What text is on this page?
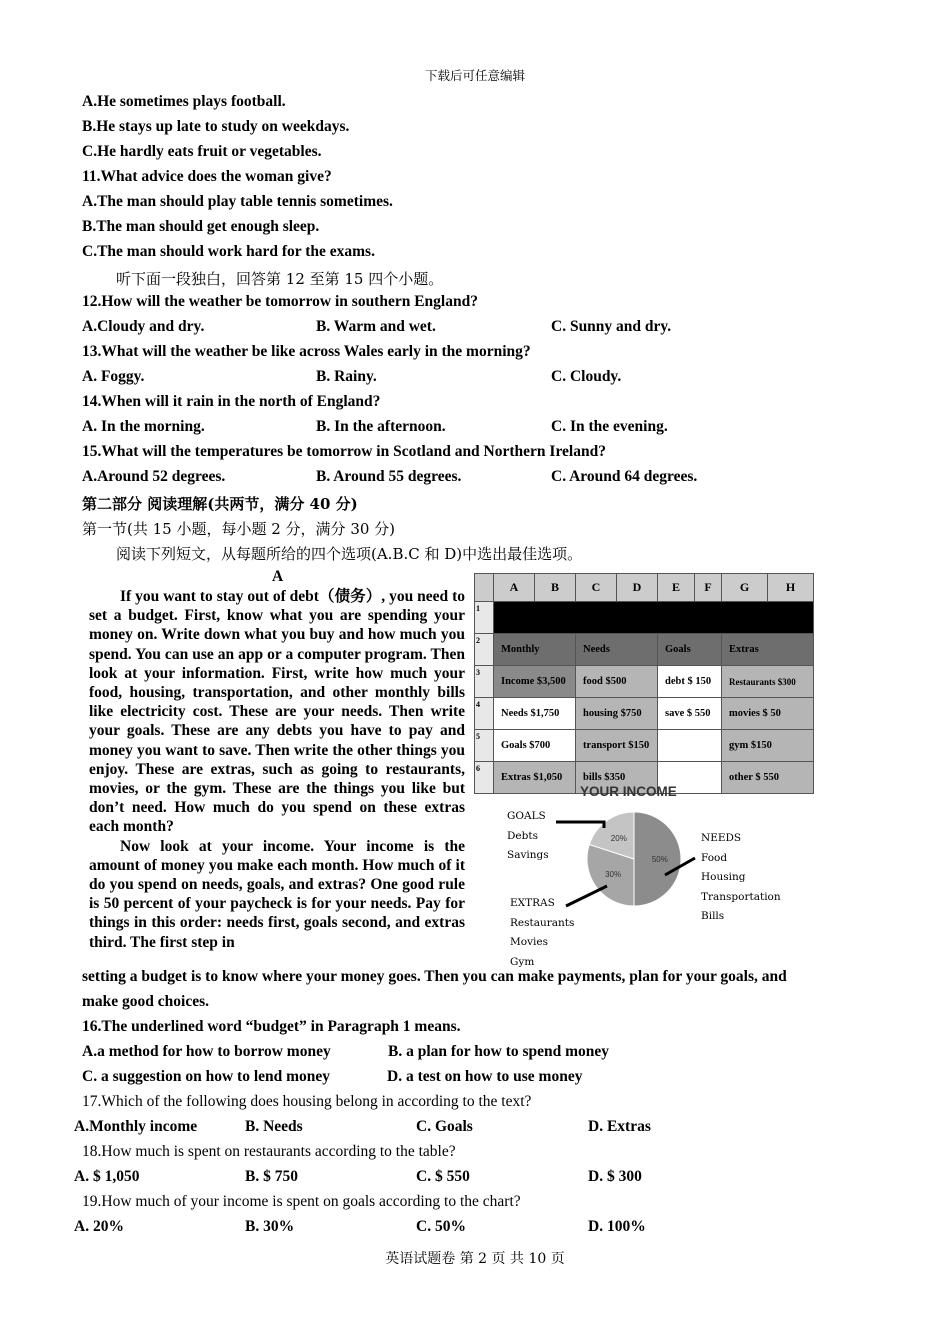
下载后可任意编辑
A.He sometimes plays football.
B.He stays up late to study on weekdays.
C.He hardly eats fruit or vegetables.
11.What advice does the woman give?
A.The man should play table tennis sometimes.
B.The man should get enough sleep.
C.The man should work hard for the exams.
听下面一段独白，回答第 12 至第 15 四个小题。
12.How will the weather be tomorrow in southern England?
A.Cloudy and dry.	B. Warm and wet.	C. Sunny and dry.
13.What will the weather be like across Wales early in the morning?
A. Foggy.	B. Rainy.	C. Cloudy.
14.When will it rain in the north of England?
A. In the morning.	B. In the afternoon.	C. In the evening.
15.What will the temperatures be tomorrow in Scotland and Northern Ireland?
A.Around 52 degrees.	B. Around 55 degrees.	C. Around 64 degrees.
第二部分 阅读理解(共两节，满分 40 分)
第一节(共 15 小题，每小题 2 分，满分 30 分)
阅读下列短文，从每题所给的四个选项(A.B.C 和 D)中选出最佳选项。
A

If you want to stay out of debt（债务）, you need to set a budget. First, know what you are spending your money on. Write down what you buy and how much you spend. You can use an app or a computer program. Then look at your information. First, write how much your food, housing, transportation, and other monthly bills like electricity cost. These are your needs. Then write your goals. These are any debts you have to pay and money you want to save. Then write the other things you enjoy. These are extras, such as going to restaurants, movies, or the gym. These are the things you like but don’t need. How much do you spend on these extras each month?

Now look at your income. Your income is the amount of money you make each month. How much of it do you spend on needs, goals, and extras? One good rule is 50 percent of your paycheck is for your needs. Pay for things in this order: needs first, goals second, and extras third. The first step in

	A	B	C	D	E	F	G	H
1								
2	Monthly		Needs		Goals		Extras	
3	Income $3,500		food $500		debt $ 150		Restaurants $300	
4	Needs $1,750		housing $750		save $ 550		movies $ 50	
5	Goals $700		transport $150				gym $150	
6	Extras $1,050		bills $350				other $ 550	
YOUR INCOME
50%
30%
20%
GOALS
Debts
Savings
NEEDS
Food
Housing
Transportation
Bills
EXTRAS
Restaurants
Movies
Gym
setting a budget is to know where your money goes. Then you can make payments, plan for your goals, and
make good choices.
16.The underlined word “budget” in Paragraph 1 means.
A.a method for how to borrow money	B. a plan for how to spend money
C. a suggestion on how to lend money	D. a test on how to use money
17.Which of the following does housing belong in according to the text?
A.Monthly income	B. Needs	C. Goals	D. Extras
18.How much is spent on restaurants according to the table?
A. $ 1,050	B. $ 750	C. $ 550	D. $ 300
19.How much of your income is spent on goals according to the chart?
A. 20%	B. 30%	C. 50%	D. 100%
英语试题卷 第 2 页 共 10 页
